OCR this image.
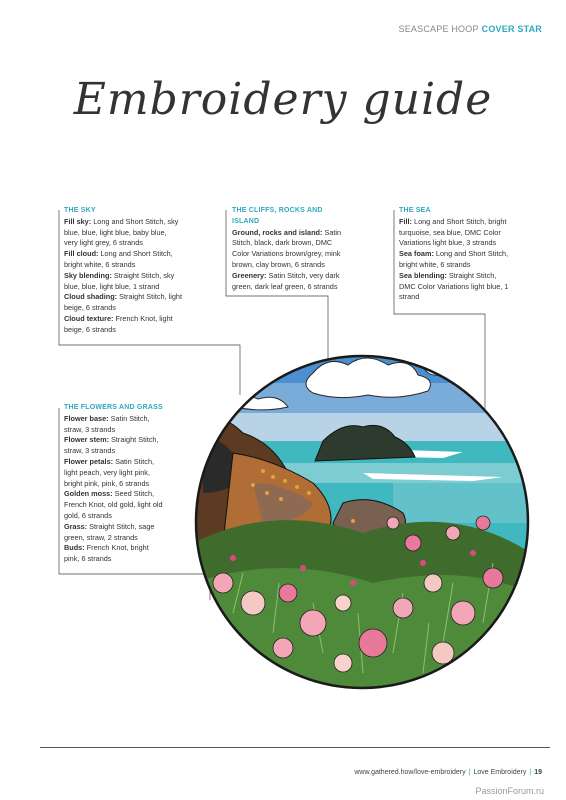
SEASCAPE HOOP COVER STAR
Embroidery guide
THE SKY

Fill sky: Long and Short Stitch, sky blue, blue, light blue, baby blue, very light grey, 6 strands

Fill cloud: Long and Short Stitch, bright white, 6 strands

Sky blending: Straight Stitch, sky blue, blue, light blue, 1 strand

Cloud shading: Straight Stitch, light beige, 6 strands

Cloud texture: French Knot, light beige, 6 strands

THE CLIFFS, ROCKS AND ISLAND

Ground, rocks and island: Satin Stitch, black, dark brown, DMC Color Variations brown/grey, mink brown, clay brown, 6 strands

Greenery: Satin Stitch, very dark green, dark leaf green, 6 strands

THE SEA

Fill: Long and Short Stitch, bright turquoise, sea blue, DMC Color Variations light blue, 3 strands

Sea foam: Long and Short Stitch, bright white, 6 strands

Sea blending: Straight Stitch, DMC Color Variations light blue, 1 strand

THE FLOWERS AND GRASS

Flower base: Satin Stitch, straw, 3 strands

Flower stem: Straight Stitch, straw, 3 strands

Flower petals: Satin Stitch, light peach, very light pink, bright pink, pink, 6 strands

Golden moss: Seed Stitch, French Knot, old gold, light old gold, 6 strands

Grass: Straight Stitch, sage green, straw, 2 strands

Buds: French Knot, bright pink, 6 strands

www.gathered.how/love-embroidery | Love Embroidery | 19
PassionForum.ru
